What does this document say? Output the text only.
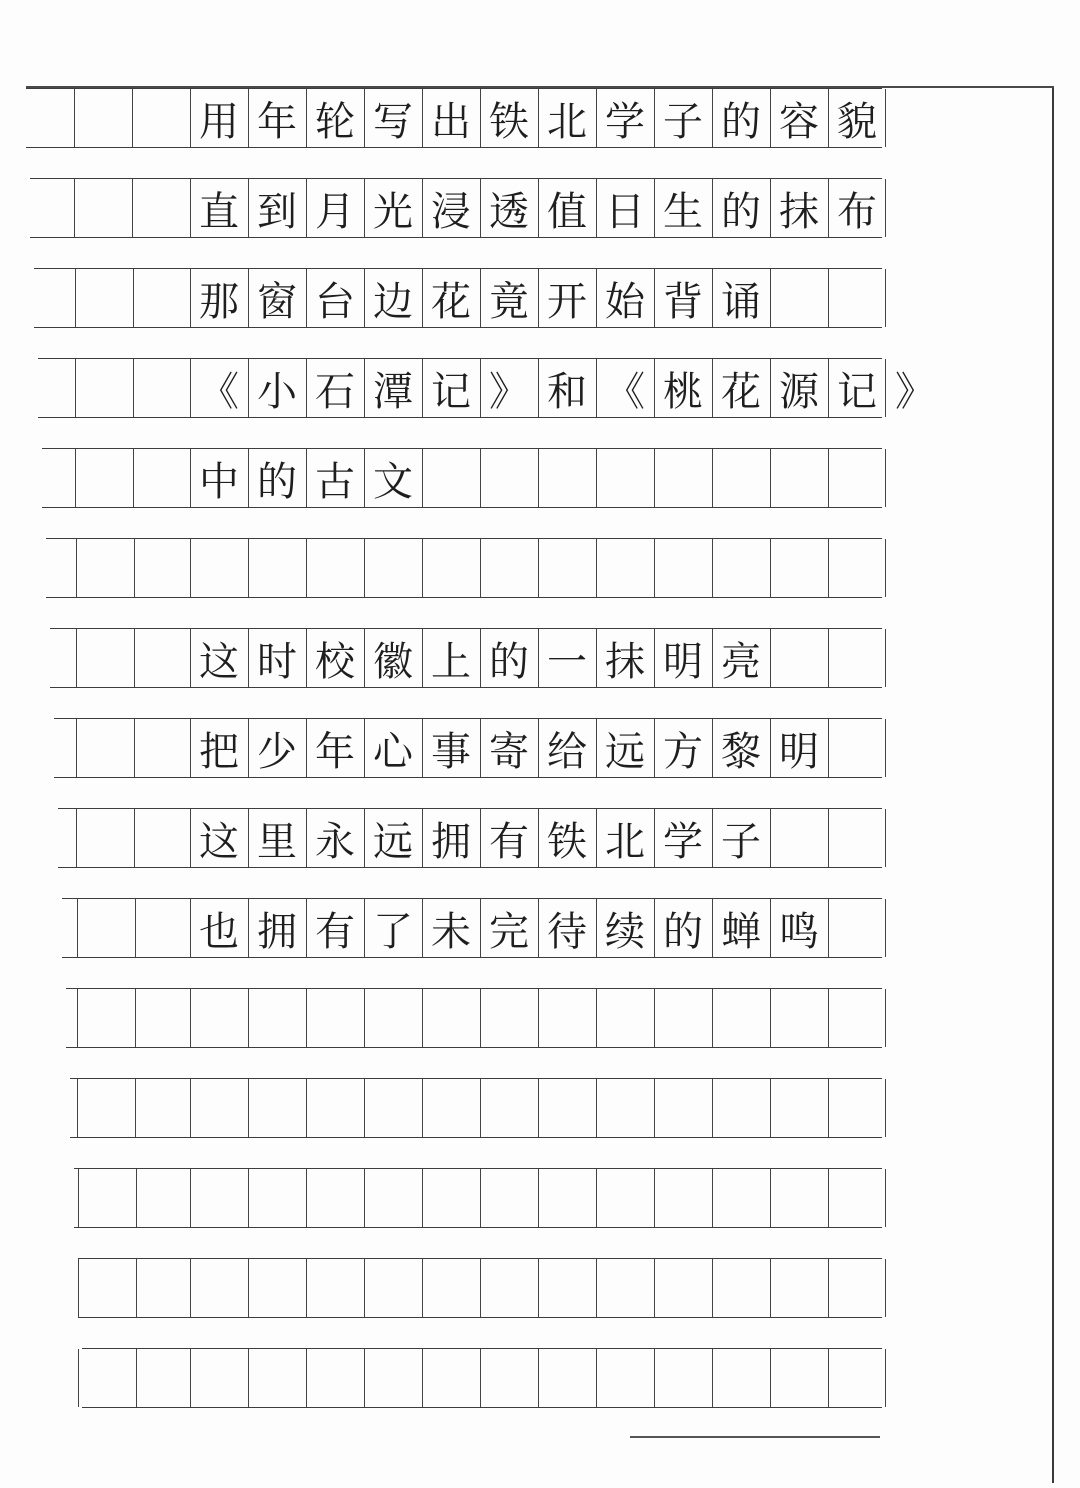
用 年 轮 写 出 铁 北 学 子 的 容 貌
直 到 月 光 浸 透 值 日 生 的 抹 布
那 窗 台 边 花 竟 开 始 背 诵
《 小 石 潭 记 》 和 《 桃 花 源 记 》
中 的 古 文
这 时 校 徽 上 的 一 抹 明 亮
把 少 年 心 事 寄 给 远 方 黎 明
这 里 永 远 拥 有 铁 北 学 子
也 拥 有 了 未 完 待 续 的 蝉 鸣
